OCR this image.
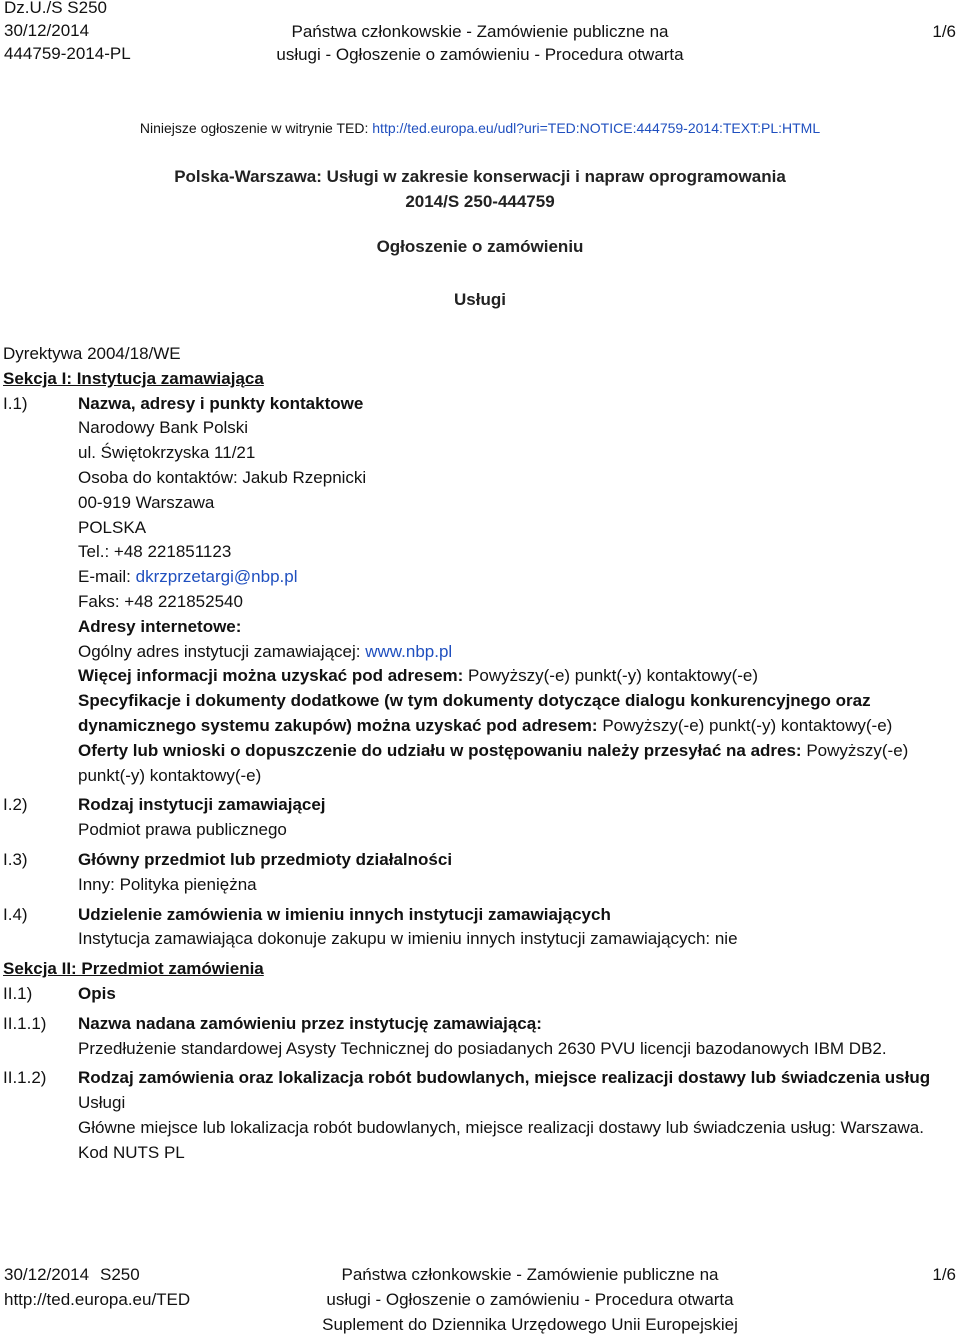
Dz.U./S S250
30/12/2014
444759-2014-PL
Państwa członkowskie - Zamówienie publiczne na
usługi - Ogłoszenie o zamówieniu - Procedura otwarta
1/6
Niniejsze ogłoszenie w witrynie TED: http://ted.europa.eu/udl?uri=TED:NOTICE:444759-2014:TEXT:PL:HTML
Polska-Warszawa: Usługi w zakresie konserwacji i napraw oprogramowania
2014/S 250-444759
Ogłoszenie o zamówieniu
Usługi
Dyrektywa 2004/18/WE
Sekcja I: Instytucja zamawiająca
I.1)	Nazwa, adresy i punkty kontaktowe
Narodowy Bank Polski
ul. Świętokrzyska 11/21
Osoba do kontaktów: Jakub Rzepnicki
00-919 Warszawa
POLSKA
Tel.: +48 221851123
E-mail: dkrzprzetargi@nbp.pl
Faks: +48 221852540
Adresy internetowe:
Ogólny adres instytucji zamawiającej: www.nbp.pl
Więcej informacji można uzyskać pod adresem: Powyższy(-e) punkt(-y) kontaktowy(-e)
Specyfikacje i dokumenty dodatkowe (w tym dokumenty dotyczące dialogu konkurencyjnego oraz dynamicznego systemu zakupów) można uzyskać pod adresem: Powyższy(-e) punkt(-y) kontaktowy(-e)
Oferty lub wnioski o dopuszczenie do udziału w postępowaniu należy przesyłać na adres: Powyższy(-e) punkt(-y) kontaktowy(-e)
I.2)	Rodzaj instytucji zamawiającej
Podmiot prawa publicznego
I.3)	Główny przedmiot lub przedmioty działalności
Inny: Polityka pieniężna
I.4)	Udzielenie zamówienia w imieniu innych instytucji zamawiających
Instytucja zamawiająca dokonuje zakupu w imieniu innych instytucji zamawiających: nie
Sekcja II: Przedmiot zamówienia
II.1)	Opis
II.1.1)	Nazwa nadana zamówieniu przez instytucję zamawiającą:
Przedłużenie standardowej Asysty Technicznej do posiadanych 2630 PVU licencji bazodanowych IBM DB2.
II.1.2)	Rodzaj zamówienia oraz lokalizacja robót budowlanych, miejsce realizacji dostawy lub świadczenia usług
Usługi
Główne miejsce lub lokalizacja robót budowlanych, miejsce realizacji dostawy lub świadczenia usług: Warszawa.
Kod NUTS PL
30/12/2014 S250
http://ted.europa.eu/TED
Państwa członkowskie - Zamówienie publiczne na
usługi - Ogłoszenie o zamówieniu - Procedura otwarta
Suplement do Dziennika Urzędowego Unii Europejskiej
1/6
